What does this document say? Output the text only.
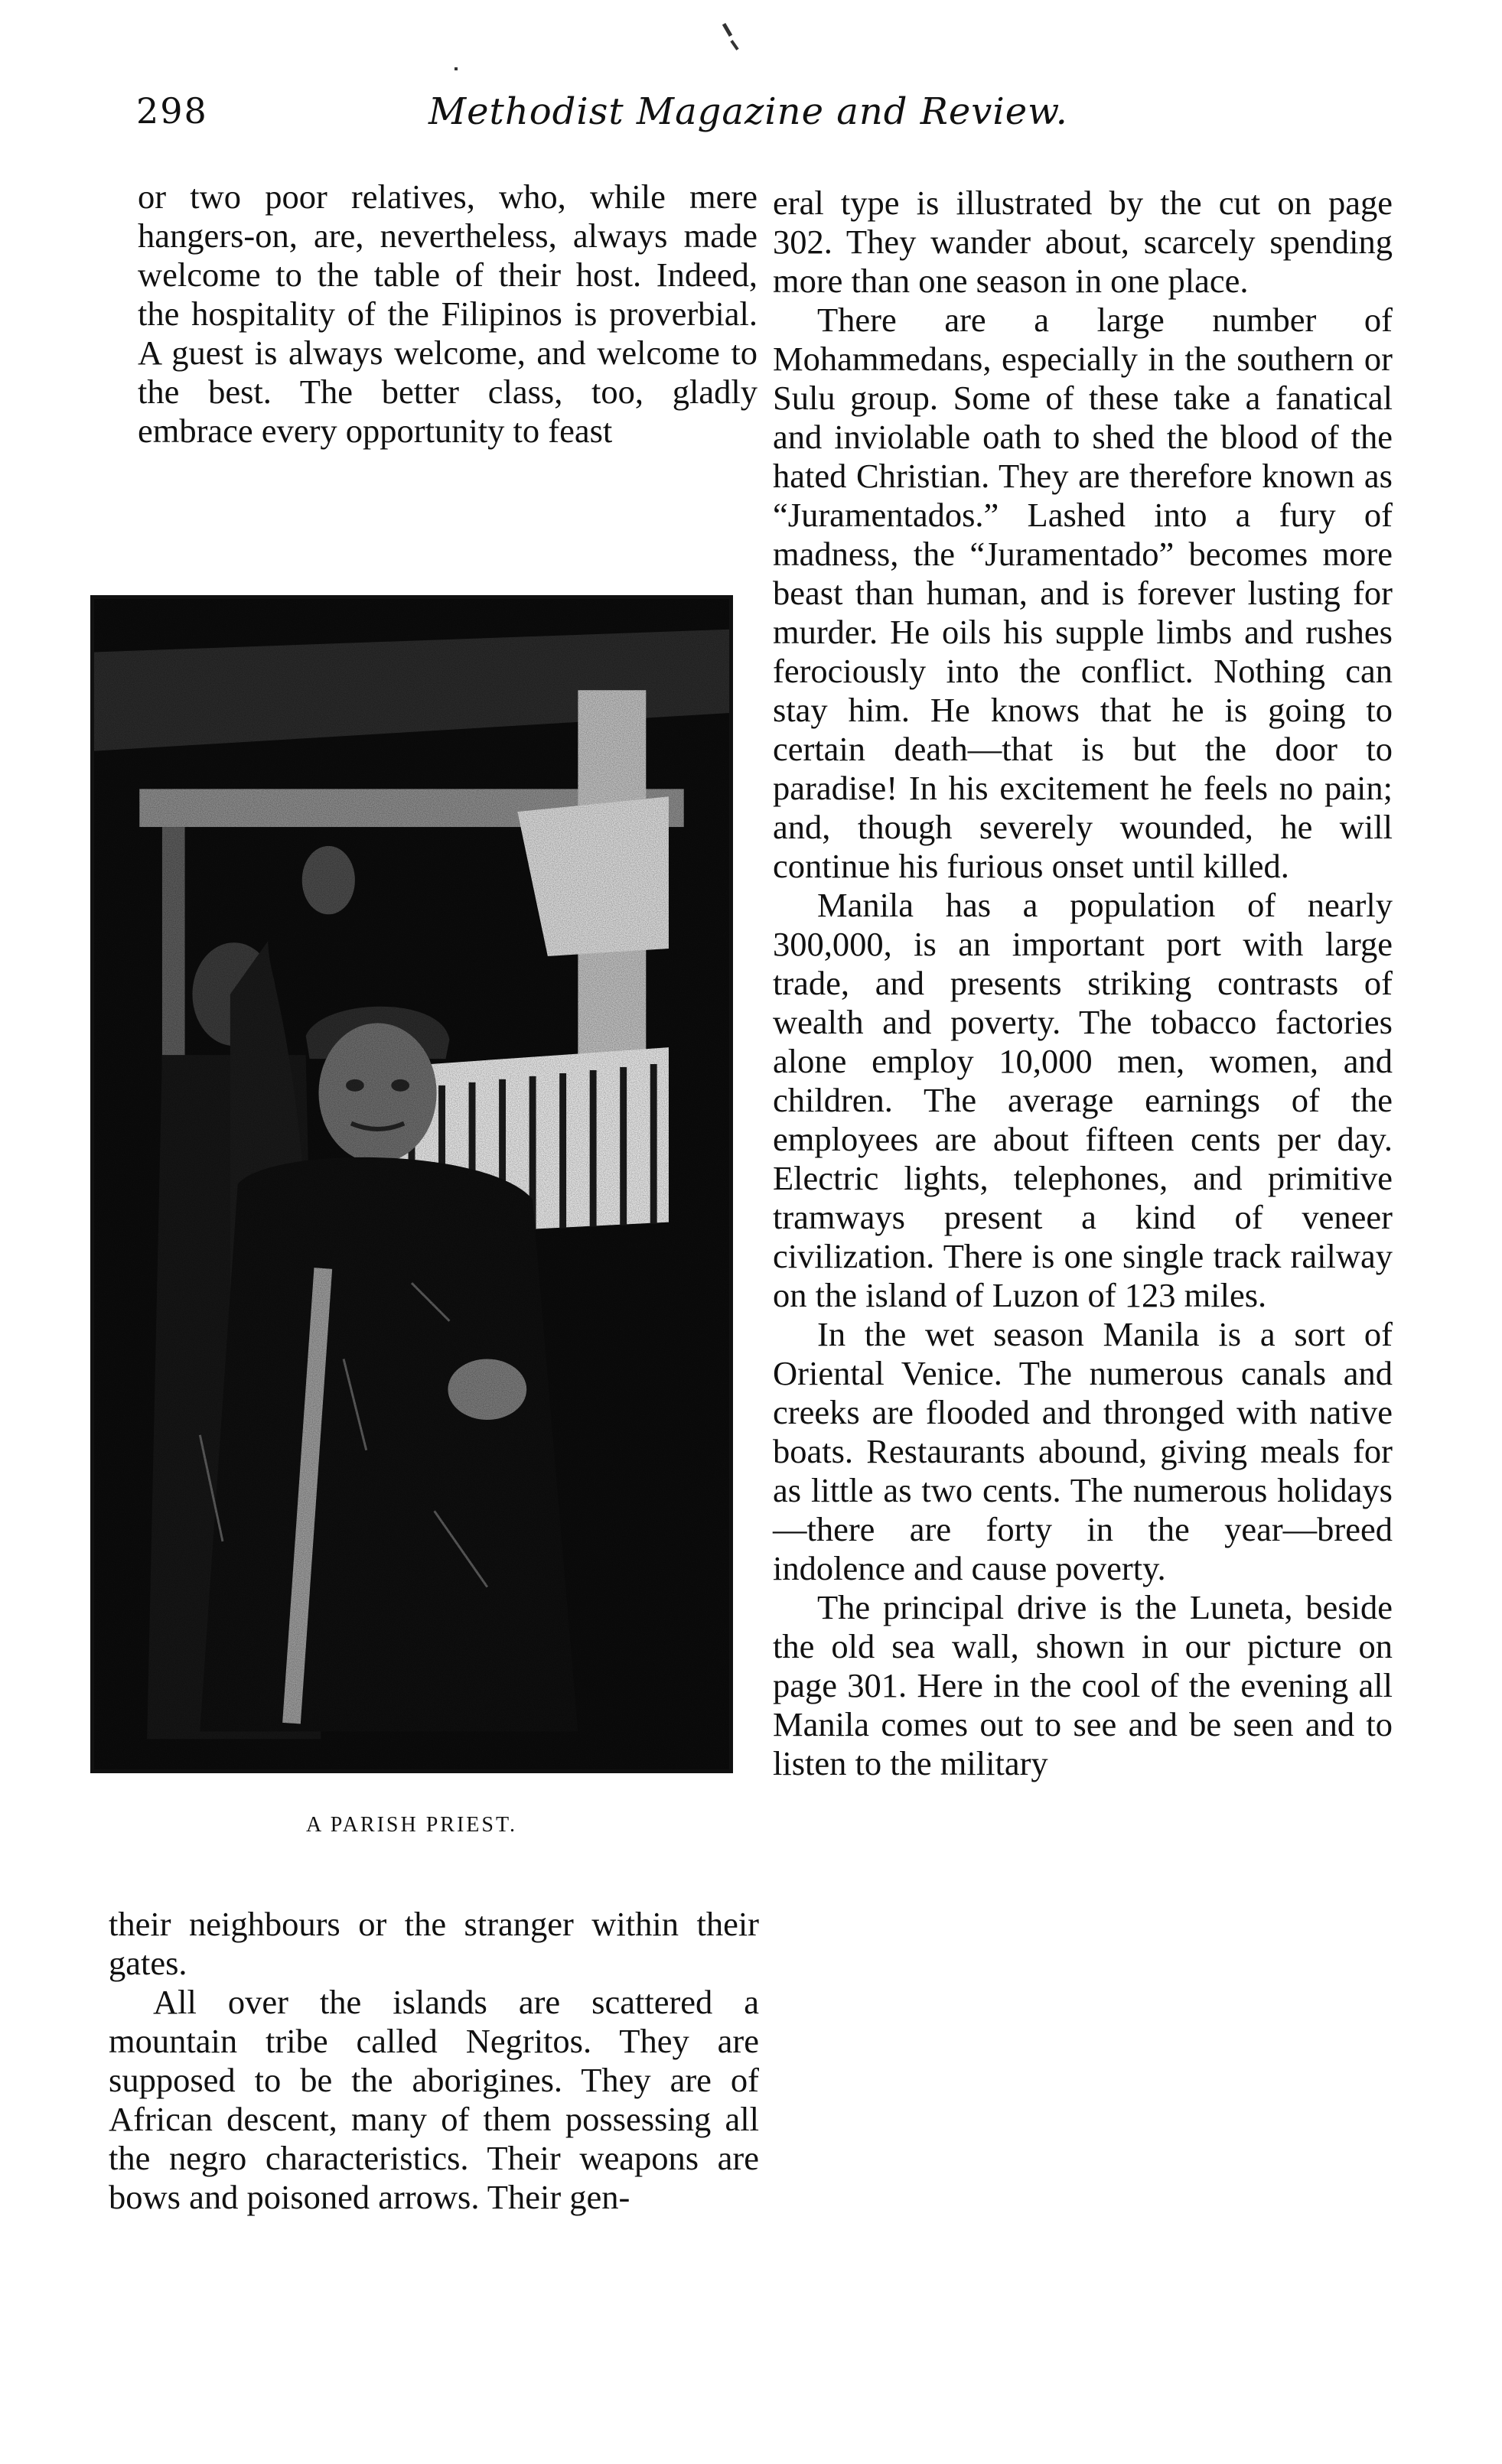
298	Methodist Magazine and Review.

or two poor relatives, who, while mere hangers-on, are, nevertheless, always made welcome to the table of their host. Indeed, the hospitality of the Filipinos is proverbial. A guest is always welcome, and welcome to the best. The better class, too, gladly embrace every opportunity to feast

A PARISH PRIEST.

their neighbours or the stranger within their gates.

All over the islands are scattered a mountain tribe called Negritos. They are supposed to be the aborigines. They are of African descent, many of them possessing all the negro characteristics. Their weapons are bows and poisoned arrows. Their gen-

eral type is illustrated by the cut on page 302. They wander about, scarcely spending more than one season in one place.

There are a large number of Mohammedans, especially in the southern or Sulu group. Some of these take a fanatical and inviolable oath to shed the blood of the hated Christian. They are therefore known as “Juramentados.” Lashed into a fury of madness, the “Juramentado” becomes more beast than human, and is forever lusting for murder. He oils his supple limbs and rushes ferociously into the conflict. Nothing can stay him. He knows that he is going to certain death—that is but the door to paradise! In his excitement he feels no pain; and, though severely wounded, he will continue his furious onset until killed.

Manila has a population of nearly 300,000, is an important port with large trade, and presents striking contrasts of wealth and poverty. The tobacco factories alone employ 10,000 men, women, and children. The average earnings of the employees are about fifteen cents per day. Electric lights, telephones, and primitive tramways present a kind of veneer civilization. There is one single track railway on the island of Luzon of 123 miles.

In the wet season Manila is a sort of Oriental Venice. The numerous canals and creeks are flooded and thronged with native boats. Restaurants abound, giving meals for as little as two cents. The numerous holidays—there are forty in the year—breed indolence and cause poverty.

The principal drive is the Luneta, beside the old sea wall, shown in our picture on page 301. Here in the cool of the evening all Manila comes out to see and be seen and to listen to the military
